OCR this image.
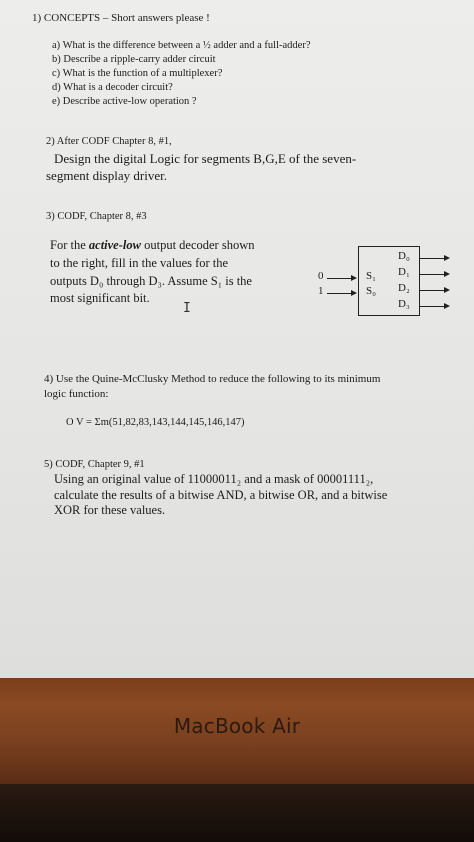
1) CONCEPTS – Short answers please !
a) What is the difference between a ½ adder and a full-adder?
b) Describe a ripple-carry adder circuit
c) What is the function of a multiplexer?
d) What is a decoder circuit?
e) Describe active-low operation ?
2) After CODF Chapter 8, #1,
Design the digital Logic for segments B,G,E of the seven-
segment display driver.
3) CODF, Chapter 8, #3
For the active-low output decoder shown
to the right, fill in the values for the
outputs D₀ through D₃. Assume S₁ is the
most significant bit.
I
0	S₁
1	S₀
D₀
D₁
D₂
D₃
4) Use the Quine-McClusky Method to reduce the following to its minimum
logic function:
O V = Σm(51,82,83,143,144,145,146,147)
5) CODF, Chapter 9, #1
Using an original value of 11000011₂ and a mask of 00001111₂,
calculate the results of a bitwise AND, a bitwise OR, and a bitwise
XOR for these values.
MacBook Air
